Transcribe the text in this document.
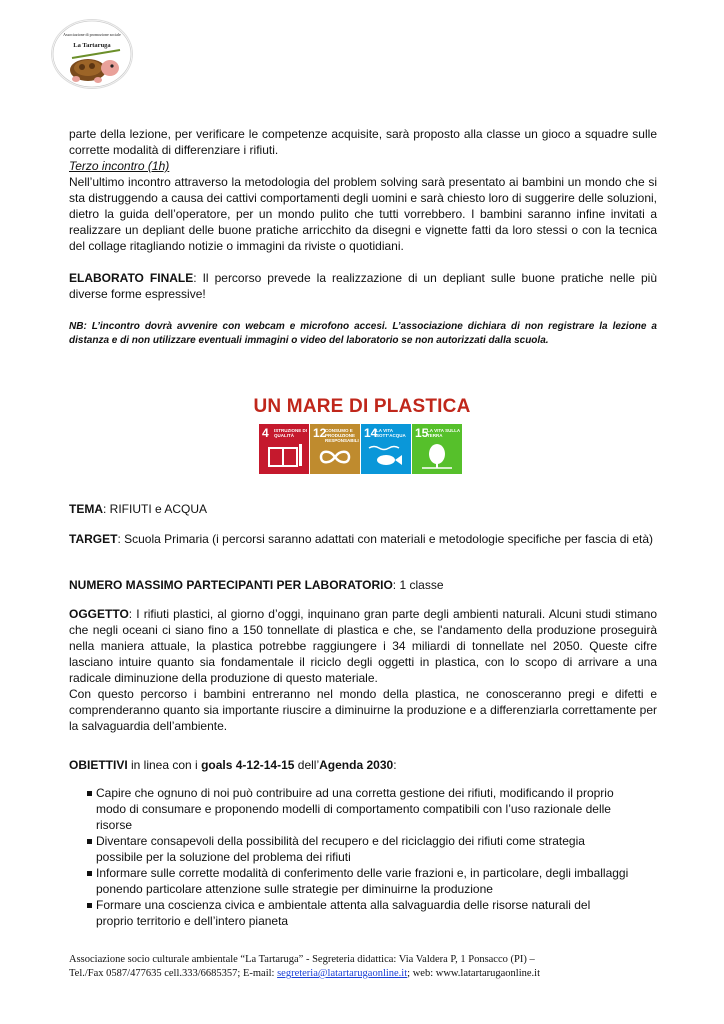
Associazione di promozione sociale
La Tartaruga

parte della lezione, per verificare le competenze acquisite, sarà proposto alla classe un gioco a squadre sulle corrette modalità di differenziare i rifiuti.

Terzo incontro (1h)

Nell’ultimo incontro attraverso la metodologia del problem solving sarà presentato ai bambini un mondo che si sta distruggendo a causa dei cattivi comportamenti degli uomini e sarà chiesto loro di suggerire delle soluzioni, dietro la guida dell’operatore, per un mondo pulito che tutti vorrebbero. I bambini saranno infine invitati a realizzare un depliant delle buone pratiche arricchito da disegni e vignette fatti da loro stessi o con la tecnica del collage ritagliando notizie o immagini da riviste o quotidiani.

ELABORATO FINALE: Il percorso prevede la realizzazione di un depliant sulle buone pratiche nelle più diverse forme espressive!
NB: L’incontro dovrà avvenire con webcam e microfono accesi. L’associazione dichiara di non registrare la lezione a distanza e di non utilizzare eventuali immagini o video del laboratorio se non autorizzati dalla scuola.
UN MARE DI PLASTICA
4 ISTRUZIONE DI QUALITÀ	12
CONSUMO E PRODUZIONE RESPONSABILI
14
LA VITA SOTT’ACQUA 15
LA VITA SULLA TERRA
TEMA: RIFIUTI e ACQUA
TARGET: Scuola Primaria (i percorsi saranno adattati con materiali e metodologie specifiche per fascia di età)
NUMERO MASSIMO PARTECIPANTI PER LABORATORIO: 1 classe

OGGETTO: I rifiuti plastici, al giorno d’oggi, inquinano gran parte degli ambienti naturali. Alcuni studi stimano che negli oceani ci siano fino a 150 tonnellate di plastica e che, se l'andamento della produzione proseguirà nella maniera attuale, la plastica potrebbe raggiungere i 34 miliardi di tonnellate nel 2050. Queste cifre lasciano intuire quanto sia fondamentale il riciclo degli oggetti in plastica, con lo scopo di arrivare a una radicale diminuzione della produzione di questo materiale.

Con questo percorso i bambini entreranno nel mondo della plastica, ne conosceranno pregi e difetti e comprenderanno quanto sia importante riuscire a diminuirne la produzione e a differenziarla correttamente per la salvaguardia dell’ambiente.

OBIETTIVI in linea con i goals 4-12-14-15 dell’Agenda 2030:
Capire che ognuno di noi può contribuire ad una corretta gestione dei rifiuti, modificando il proprio modo di consumare e proponendo modelli di comportamento compatibili con l’uso razionale delle risorse
Diventare consapevoli della possibilità del recupero e del riciclaggio dei rifiuti come strategia possibile per la soluzione del problema dei rifiuti
Informare sulle corrette modalità di conferimento delle varie frazioni e, in particolare, degli imballaggi ponendo particolare attenzione sulle strategie per diminuirne la produzione
Formare una coscienza civica e ambientale attenta alla salvaguardia delle risorse naturali del proprio territorio e dell’intero pianeta
Associazione socio culturale ambientale “La Tartaruga” - Segreteria didattica: Via Valdera P, 1 Ponsacco (PI) –
Tel./Fax 0587/477635 cell.333/6685357; E-mail: segreteria@latartarugaonline.it; web: www.latartarugaonline.it
